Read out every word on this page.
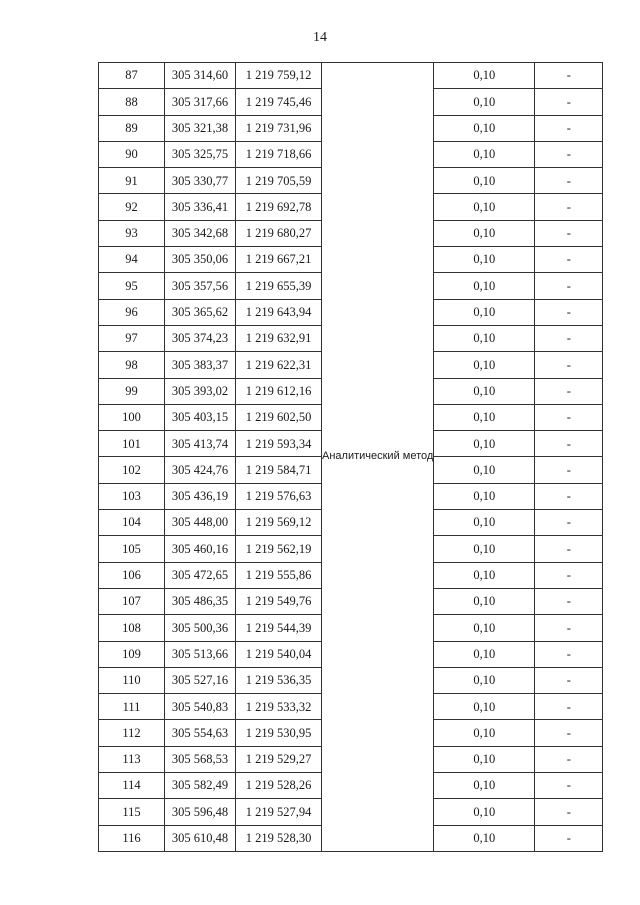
14
87	305 314,60	1 219 759,12	Аналитический метод	0,10	-
88	305 317,66	1 219 745,46		0,10	-
89	305 321,38	1 219 731,96		0,10	-
90	305 325,75	1 219 718,66		0,10	-
91	305 330,77	1 219 705,59		0,10	-
92	305 336,41	1 219 692,78		0,10	-
93	305 342,68	1 219 680,27		0,10	-
94	305 350,06	1 219 667,21		0,10	-
95	305 357,56	1 219 655,39		0,10	-
96	305 365,62	1 219 643,94		0,10	-
97	305 374,23	1 219 632,91		0,10	-
98	305 383,37	1 219 622,31		0,10	-
99	305 393,02	1 219 612,16		0,10	-
100	305 403,15	1 219 602,50		0,10	-
101	305 413,74	1 219 593,34		0,10	-
102	305 424,76	1 219 584,71		0,10	-
103	305 436,19	1 219 576,63		0,10	-
104	305 448,00	1 219 569,12		0,10	-
105	305 460,16	1 219 562,19		0,10	-
106	305 472,65	1 219 555,86		0,10	-
107	305 486,35	1 219 549,76		0,10	-
108	305 500,36	1 219 544,39		0,10	-
109	305 513,66	1 219 540,04		0,10	-
110	305 527,16	1 219 536,35		0,10	-
111	305 540,83	1 219 533,32		0,10	-
112	305 554,63	1 219 530,95		0,10	-
113	305 568,53	1 219 529,27		0,10	-
114	305 582,49	1 219 528,26		0,10	-
115	305 596,48	1 219 527,94		0,10	-
116	305 610,48	1 219 528,30		0,10	-
